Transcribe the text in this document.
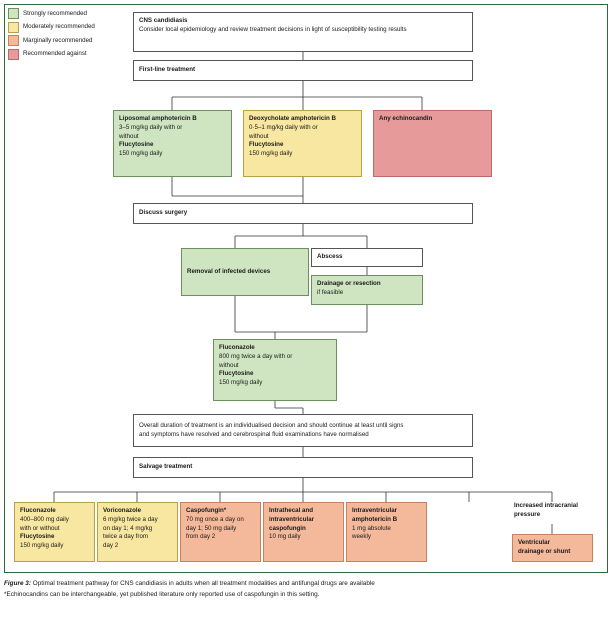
Strongly recommended
Moderately recommended
Marginally recommended
Recommended against
CNS candidiasis
Consider local epidemiology and review treatment decisions in light of susceptibility testing results
First-line treatment
Liposomal amphotericin B
3–5 mg/kg daily with or
without
Flucytosine
150 mg/kg daily
Deoxycholate amphotericin B
0·5–1 mg/kg daily with or
without
Flucytosine
150 mg/kg daily
Any echinocandin
Discuss surgery
Removal of infected devices
Abscess
Drainage or resection
if feasible
Fluconazole
800 mg twice a day with or
without
Flucytosine
150 mg/kg daily
Overall duration of treatment is an individualised decision and should continue at least until signs
and symptoms have resolved and cerebrospinal fluid examinations have normalised
Salvage treatment
Fluconazole
400–800 mg daily
with or without
Flucytosine
150 mg/kg daily
Voriconazole
6 mg/kg twice a day
on day 1; 4 mg/kg
twice a day from
day 2
Caspofungin*
70 mg once a day on
day 1; 50 mg daily
from day 2
Intrathecal and
intraventricular
caspofungin
10 mg daily
Intraventricular
amphotericin B
1 mg absolute
weekly
Increased intracranial
pressure
Ventricular
drainage or shunt
Figure 3: Optimal treatment pathway for CNS candidiasis in adults when all treatment modalities and antifungal drugs are available
*Echinocandins can be interchangeable, yet published literature only reported use of caspofungin in this setting.
